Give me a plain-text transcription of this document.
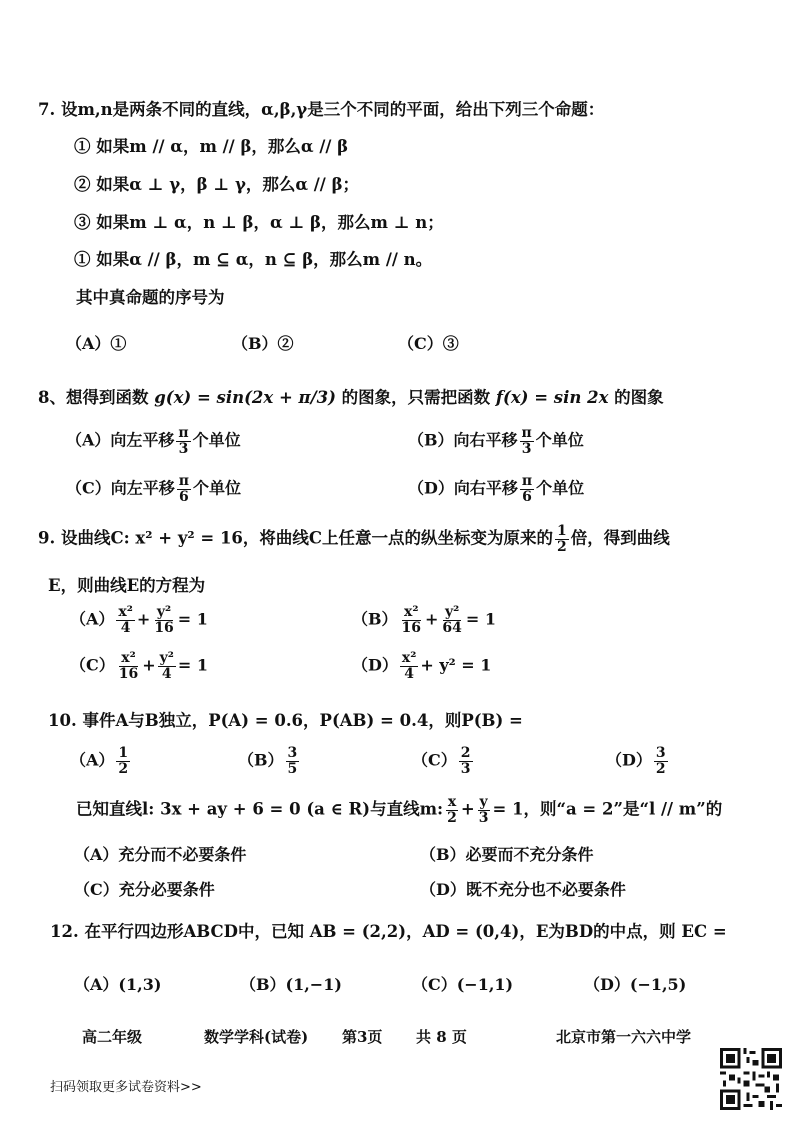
7. 设m,n是两条不同的直线，α,β,γ是三个不同的平面，给出下列三个命题：
① 如果m // α，m // β，那么α // β
② 如果α ⊥ γ，β ⊥ γ，那么α // β；
③ 如果m ⊥ α，n ⊥ β，α ⊥ β，那么m ⊥ n；
① 如果α // β，m ⊆ α，n ⊆ β，那么m // n。
其中真命题的序号为
（A）①	（B）②	（C）③
8、想得到函数 g(x) = sin(2x + π/3) 的图象，只需把函数 f(x) = sin 2x 的图象
（A）向左平移 $\frac{\pi}{3}$ 个单位	（B）向右平移 $\frac{\pi}{3}$ 个单位
（C）向左平移 $\frac{\pi}{6}$ 个单位	（D）向右平移 $\frac{\pi}{6}$ 个单位
9. 设曲线C: x² + y² = 16，将曲线C上任意一点的纵坐标变为原来的 $\frac{1}{2}$ 倍，得到曲线
E，则曲线E的方程为
$(A) \frac{\text{x²}}{4} + \frac{\text{y²}}{16} = 1$	$(B) \frac{\text{x²}}{16} + \frac{\text{y²}}{64} = 1$
$(C) \frac{\text{x²}}{16} + \frac{\text{y²}}{4} = 1$	$(D) \frac{\text{x²}}{4} + y^2 = 1$
10. 事件A与B独立，P(A) = 0.6，P(AB) = 0.4，则P(B) =
$(A) \frac{1}{2}$	$(B) \frac{3}{5}$	$(C) \frac{2}{3}$	$(D) \frac{3}{2}$
已知直线l: 3x + ay + 6 = 0 (a ∈ R)与直线m: $\frac{x}{2} + \frac{y}{3} = 1$，则“a = 2”是“l // m”的
（A）充分而不必要条件	（B）必要而不充分条件
（C）充分必要条件	（D）既不充分也不必要条件
12. 在平行四边形ABCD中，已知 AB = (2,2)，AD = (0,4)，E为BD的中点，则 EC =
（A）(1,3)	（B）(1,−1)	（C）(−1,1)	（D）(−1,5)
高二年级	数学学科(试卷) 第3页 共 8 页	北京市第一六六中学
扫码领取更多试卷资料>>
